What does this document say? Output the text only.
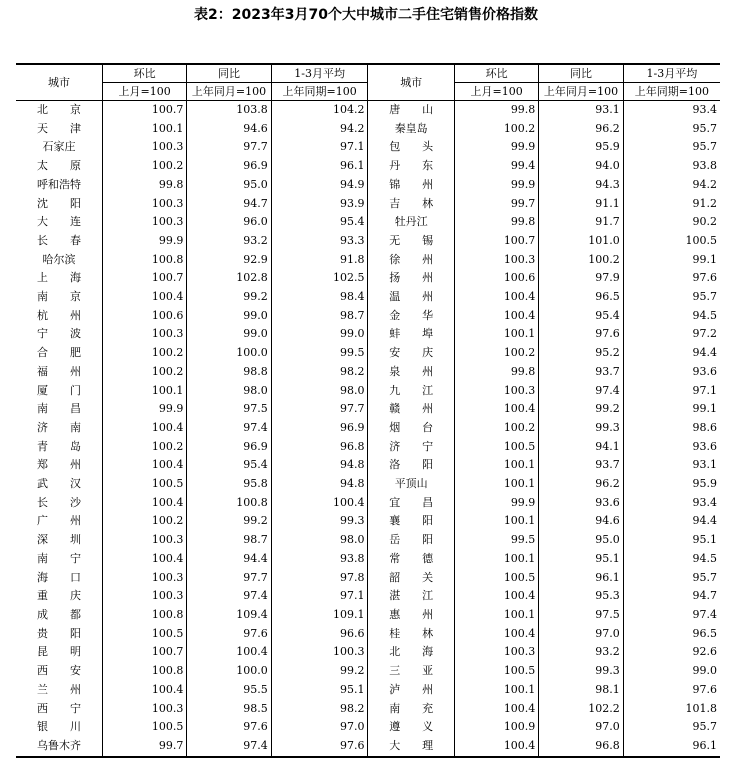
表2：2023年3月70个大中城市二手住宅销售价格指数
城市	环比	同比	1-3月平均	城市	环比	同比	1-3月平均
	上月=100	上年同月=100	上年同期=100		上月=100	上年同月=100	上年同期=100
北　　京	100.7	103.8	104.2	唐　　山	99.8	93.1	93.4
天　　津	100.1	94.6	94.2	秦皇岛	100.2	96.2	95.7
石家庄	100.3	97.7	97.1	包　　头	99.9	95.9	95.7
太　　原	100.2	96.9	96.1	丹　　东	99.4	94.0	93.8
呼和浩特	99.8	95.0	94.9	锦　　州	99.9	94.3	94.2
沈　　阳	100.3	94.7	93.9	吉　　林	99.7	91.1	91.2
大　　连	100.3	96.0	95.4	牡丹江	99.8	91.7	90.2
长　　春	99.9	93.2	93.3	无　　锡	100.7	101.0	100.5
哈尔滨	100.8	92.9	91.8	徐　　州	100.3	100.2	99.1
上　　海	100.7	102.8	102.5	扬　　州	100.6	97.9	97.6
南　　京	100.4	99.2	98.4	温　　州	100.4	96.5	95.7
杭　　州	100.6	99.0	98.7	金　　华	100.4	95.4	94.5
宁　　波	100.3	99.0	99.0	蚌　　埠	100.1	97.6	97.2
合　　肥	100.2	100.0	99.5	安　　庆	100.2	95.2	94.4
福　　州	100.2	98.8	98.2	泉　　州	99.8	93.7	93.6
厦　　门	100.1	98.0	98.0	九　　江	100.3	97.4	97.1
南　　昌	99.9	97.5	97.7	赣　　州	100.4	99.2	99.1
济　　南	100.4	97.4	96.9	烟　　台	100.2	99.3	98.6
青　　岛	100.2	96.9	96.8	济　　宁	100.5	94.1	93.6
郑　　州	100.4	95.4	94.8	洛　　阳	100.1	93.7	93.1
武　　汉	100.5	95.8	94.8	平顶山	100.1	96.2	95.9
长　　沙	100.4	100.8	100.4	宜　　昌	99.9	93.6	93.4
广　　州	100.2	99.2	99.3	襄　　阳	100.1	94.6	94.4
深　　圳	100.3	98.7	98.0	岳　　阳	99.5	95.0	95.1
南　　宁	100.4	94.4	93.8	常　　德	100.1	95.1	94.5
海　　口	100.3	97.7	97.8	韶　　关	100.5	96.1	95.7
重　　庆	100.3	97.4	97.1	湛　　江	100.4	95.3	94.7
成　　都	100.8	109.4	109.1	惠　　州	100.1	97.5	97.4
贵　　阳	100.5	97.6	96.6	桂　　林	100.4	97.0	96.5
昆　　明	100.7	100.4	100.3	北　　海	100.3	93.2	92.6
西　　安	100.8	100.0	99.2	三　　亚	100.5	99.3	99.0
兰　　州	100.4	95.5	95.1	泸　　州	100.1	98.1	97.6
西　　宁	100.3	98.5	98.2	南　　充	100.4	102.2	101.8
银　　川	100.5	97.6	97.0	遵　　义	100.9	97.0	95.7
乌鲁木齐	99.7	97.4	97.6	大　　理	100.4	96.8	96.1
